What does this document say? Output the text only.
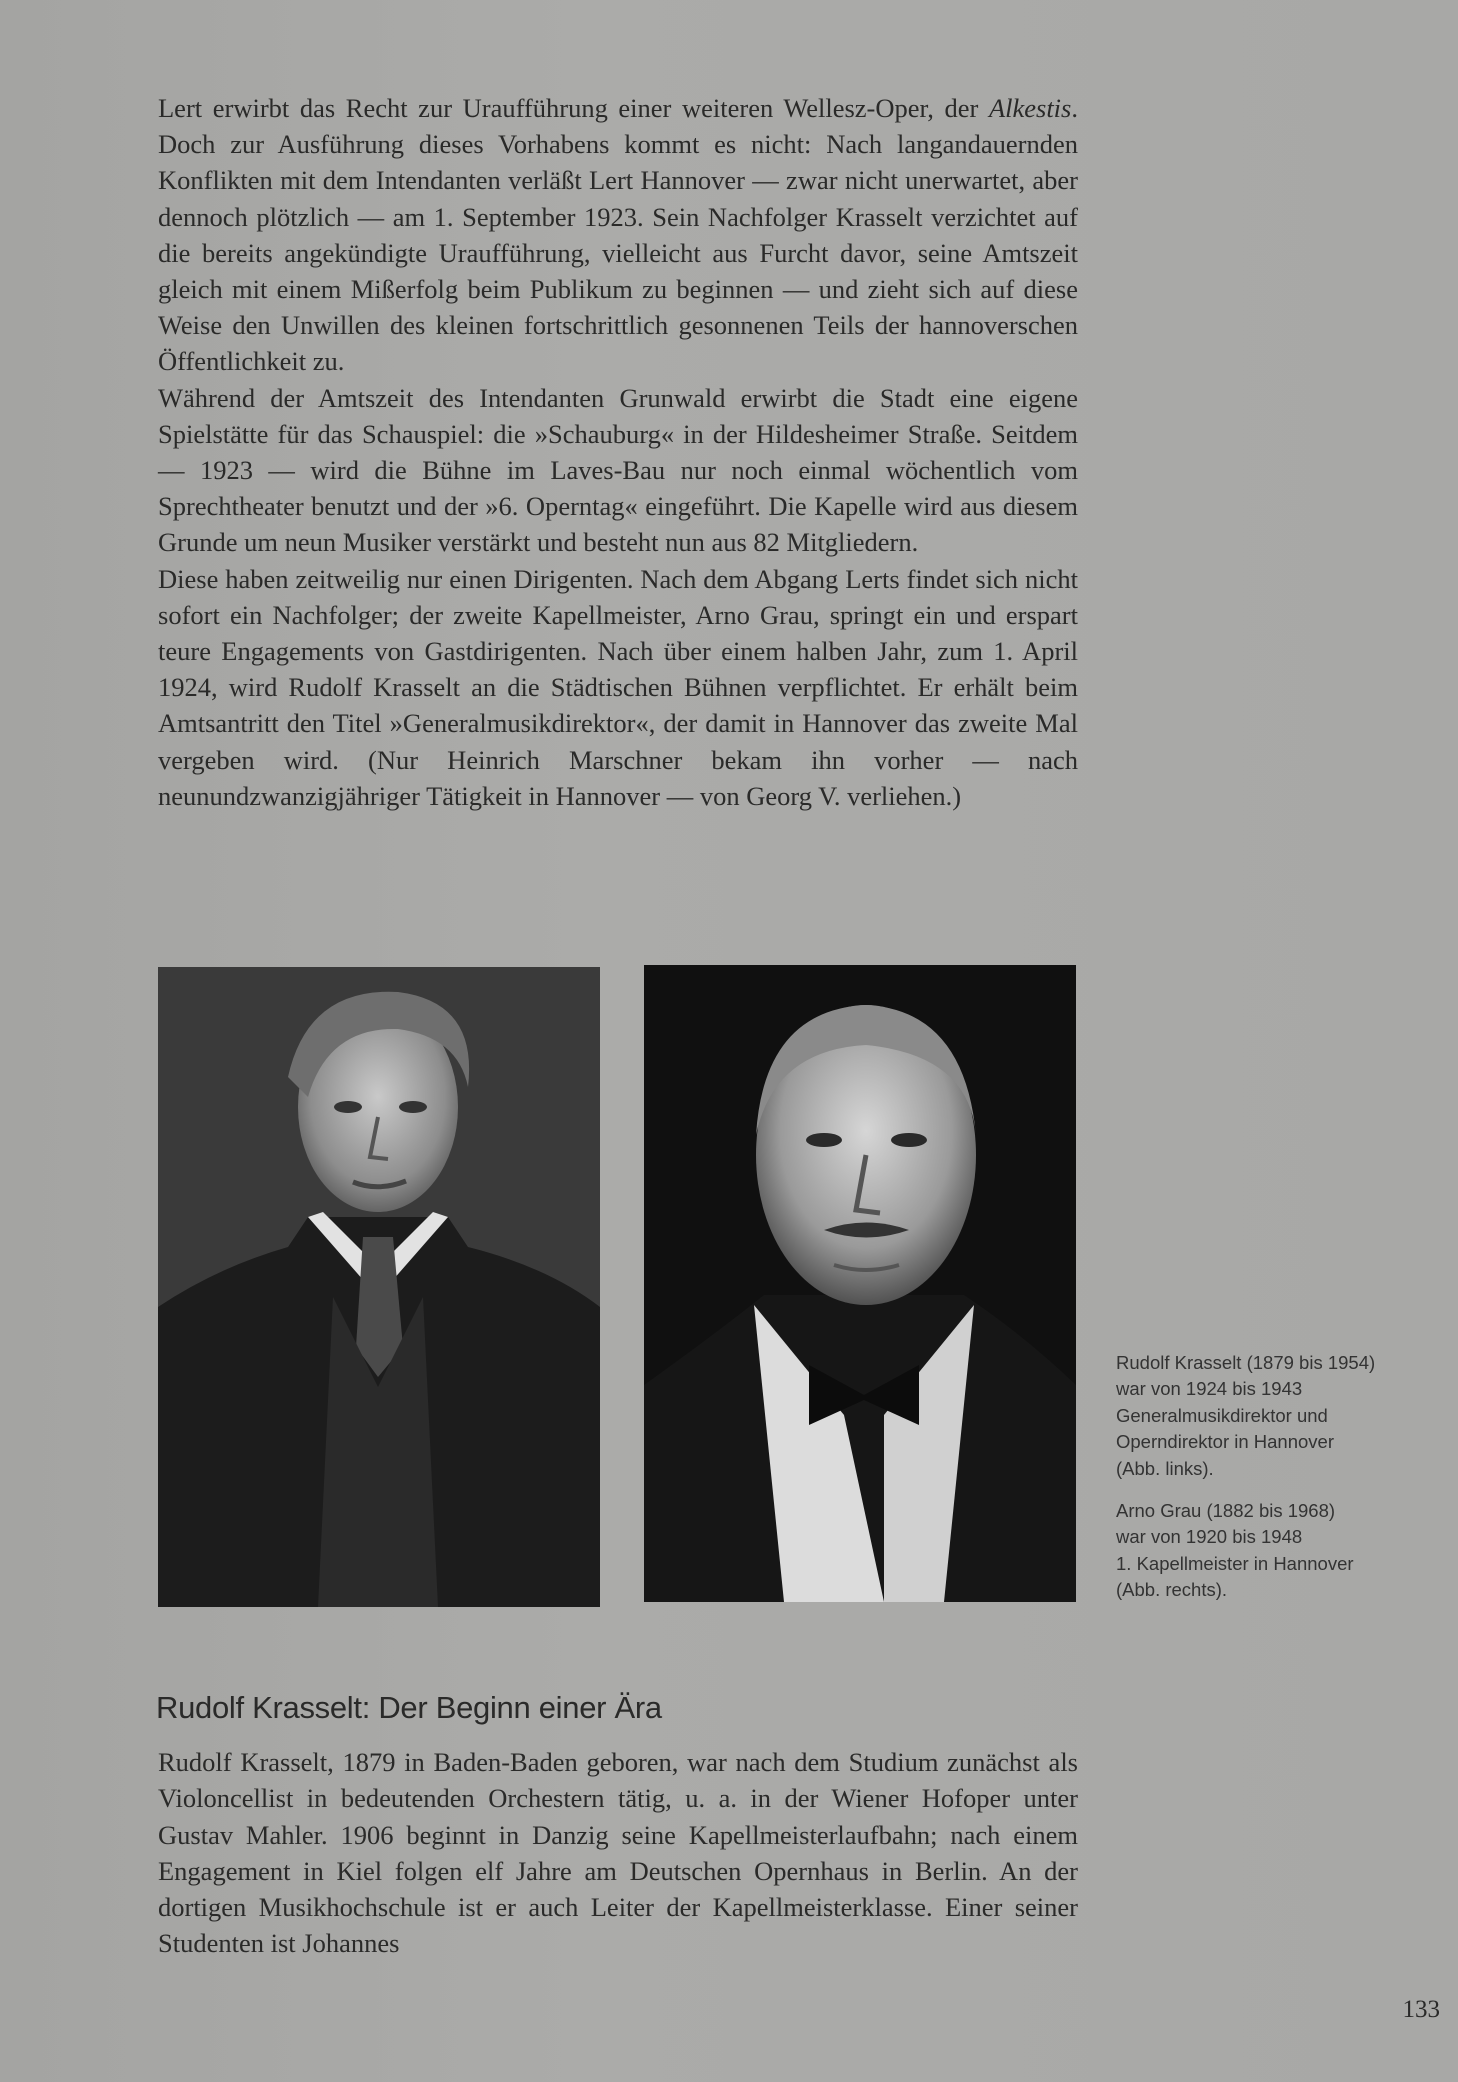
Lert erwirbt das Recht zur Uraufführung einer weiteren Wellesz-Oper, der Alkestis. Doch zur Ausführung dieses Vorhabens kommt es nicht: Nach langandauernden Konflikten mit dem Intendanten verläßt Lert Hannover — zwar nicht unerwartet, aber dennoch plötzlich — am 1. September 1923. Sein Nachfolger Krasselt verzichtet auf die bereits angekündigte Uraufführung, vielleicht aus Furcht davor, seine Amtszeit gleich mit einem Mißerfolg beim Publikum zu beginnen — und zieht sich auf diese Weise den Unwillen des kleinen fortschrittlich gesonnenen Teils der hannoverschen Öffentlichkeit zu.

Während der Amtszeit des Intendanten Grunwald erwirbt die Stadt eine eigene Spielstätte für das Schauspiel: die »Schauburg« in der Hildesheimer Straße. Seitdem — 1923 — wird die Bühne im Laves-Bau nur noch einmal wöchentlich vom Sprechtheater benutzt und der »6. Operntag« eingeführt. Die Kapelle wird aus diesem Grunde um neun Musiker verstärkt und besteht nun aus 82 Mitgliedern.

Diese haben zeitweilig nur einen Dirigenten. Nach dem Abgang Lerts findet sich nicht sofort ein Nachfolger; der zweite Kapellmeister, Arno Grau, springt ein und erspart teure Engagements von Gastdirigenten. Nach über einem halben Jahr, zum 1. April 1924, wird Rudolf Krasselt an die Städtischen Bühnen verpflichtet. Er erhält beim Amtsantritt den Titel »Generalmusikdirektor«, der damit in Hannover das zweite Mal vergeben wird. (Nur Heinrich Marschner bekam ihn vorher — nach neunundzwanzigjähriger Tätigkeit in Hannover — von Georg V. verliehen.)

Rudolf Krasselt (1879 bis 1954)
war von 1924 bis 1943
Generalmusikdirektor und
Operndirektor in Hannover
(Abb. links).
Arno Grau (1882 bis 1968)
war von 1920 bis 1948
1. Kapellmeister in Hannover
(Abb. rechts).
Rudolf Krasselt: Der Beginn einer Ära

Rudolf Krasselt, 1879 in Baden-Baden geboren, war nach dem Studium zunächst als Violoncellist in bedeutenden Orchestern tätig, u. a. in der Wiener Hofoper unter Gustav Mahler. 1906 beginnt in Danzig seine Kapellmeisterlaufbahn; nach einem Engagement in Kiel folgen elf Jahre am Deutschen Opernhaus in Berlin. An der dortigen Musikhochschule ist er auch Leiter der Kapellmeisterklasse. Einer seiner Studenten ist Johannes

133
